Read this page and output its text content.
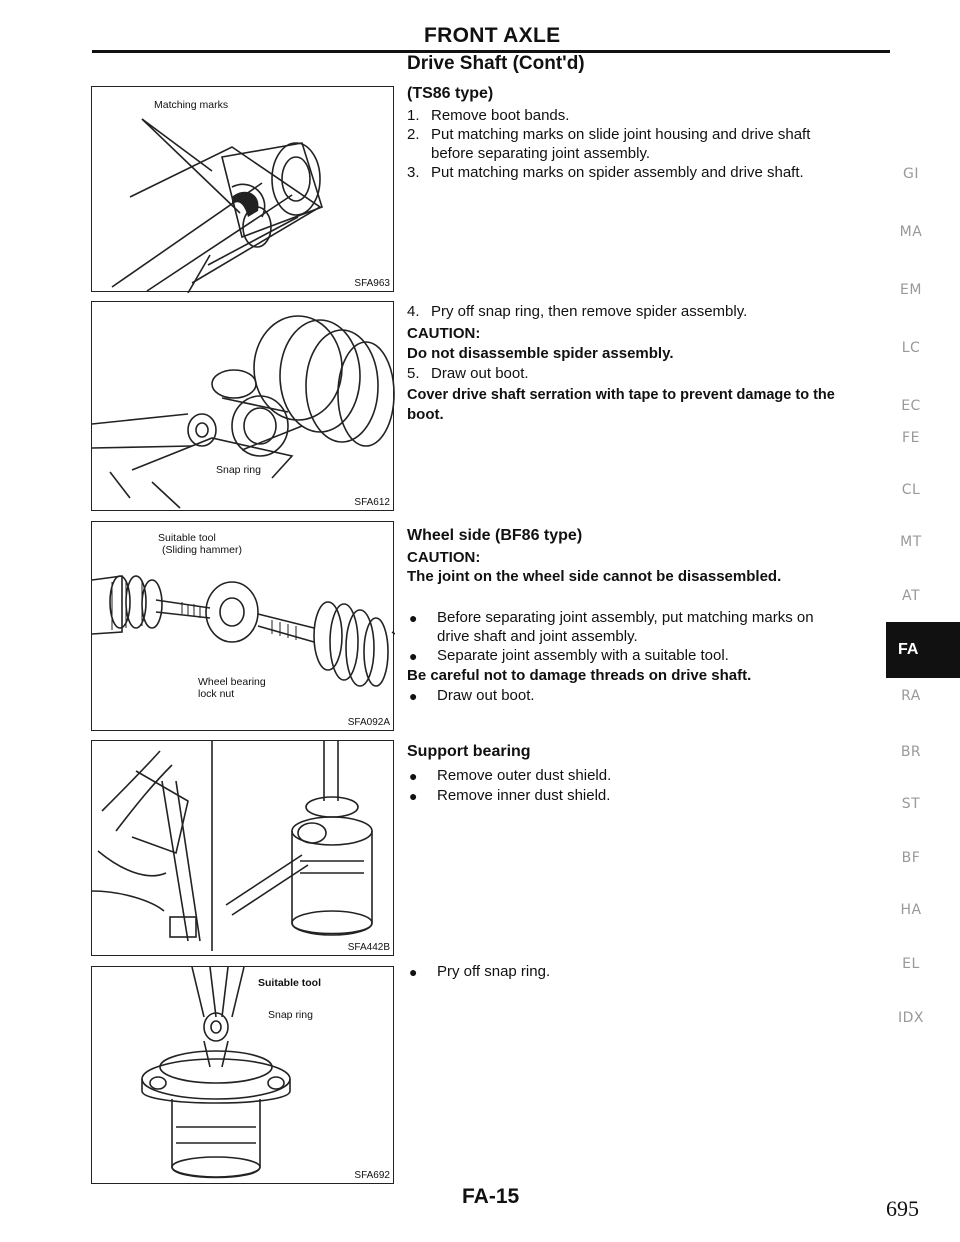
FRONT AXLE
Matching marks
SFA963
Snap ring
SFA612
Suitable tool
(Sliding hammer)
Wheel bearing
lock nut
SFA092A
SFA442B
Suitable tool
Snap ring
SFA692
Drive Shaft (Cont'd)
(TS86 type)
1. Remove boot bands.
2. Put matching marks on slide joint housing and drive shaft
before separating joint assembly.
3. Put matching marks on spider assembly and drive shaft.
4. Pry off snap ring, then remove spider assembly.
CAUTION:
Do not disassemble spider assembly.
5. Draw out boot.
Cover drive shaft serration with tape to prevent damage to the
boot.
Wheel side (BF86 type)
CAUTION:
The joint on the wheel side cannot be disassembled.
● Before separating joint assembly, put matching marks on
drive shaft and joint assembly.
● Separate joint assembly with a suitable tool.
Be careful not to damage threads on drive shaft.
● Draw out boot.
Support bearing
● Remove outer dust shield.
● Remove inner dust shield.
● Pry off snap ring.
GI
MA
EM
LC
EC
FE
CL
MT
AT
FA
RA
BR
ST
BF
HA
EL
IDX
FA-15	695
